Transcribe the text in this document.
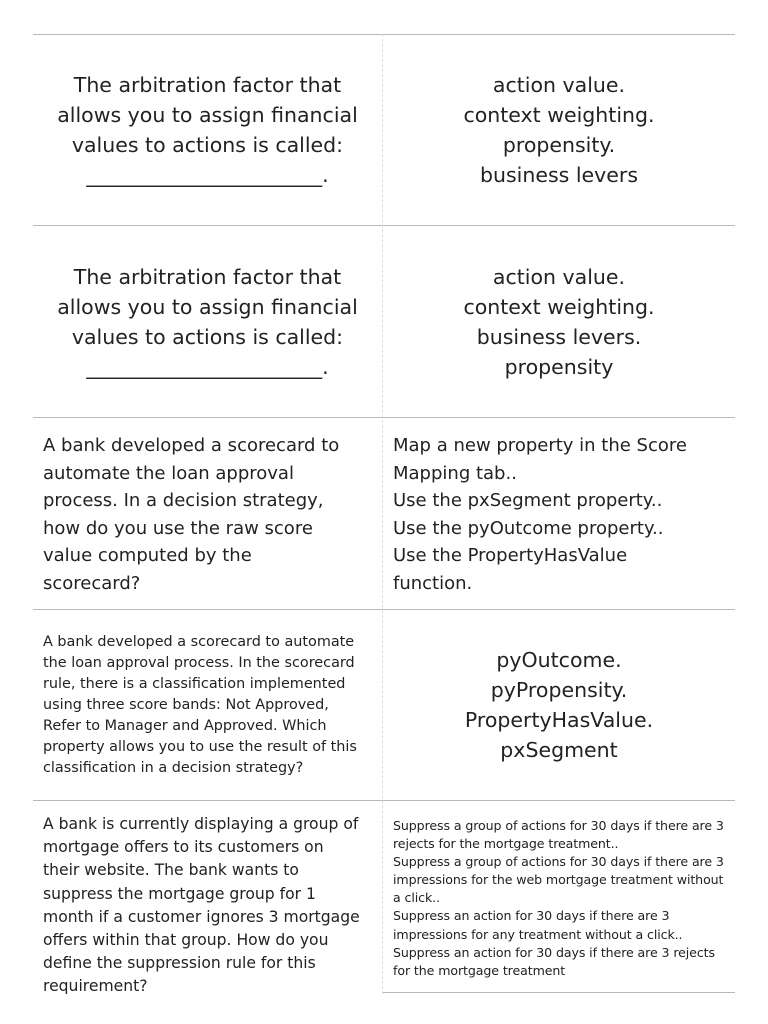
The arbitration factor that
allows you to assign financial
values to actions is called:
_______________________.
action value.
context weighting.
propensity.
business levers
The arbitration factor that
allows you to assign financial
values to actions is called:
_______________________.
action value.
context weighting.
business levers.
propensity
A bank developed a scorecard to
automate the loan approval
process. In a decision strategy,
how do you use the raw score
value computed by the
scorecard?
Map a new property in the Score
Mapping tab..
Use the pxSegment property..
Use the pyOutcome property..
Use the PropertyHasValue
function.
A bank developed a scorecard to automate
the loan approval process. In the scorecard
rule, there is a classification implemented
using three score bands: Not Approved,
Refer to Manager and Approved. Which
property allows you to use the result of this
classification in a decision strategy?
pyOutcome.
pyPropensity.
PropertyHasValue.
pxSegment
A bank is currently displaying a group of
mortgage offers to its customers on
their website. The bank wants to
suppress the mortgage group for 1
month if a customer ignores 3 mortgage
offers within that group. How do you
define the suppression rule for this
requirement?
Suppress a group of actions for 30 days if there are 3
rejects for the mortgage treatment..
Suppress a group of actions for 30 days if there are 3
impressions for the web mortgage treatment without
a click..
Suppress an action for 30 days if there are 3
impressions for any treatment without a click..
Suppress an action for 30 days if there are 3 rejects
for the mortgage treatment
